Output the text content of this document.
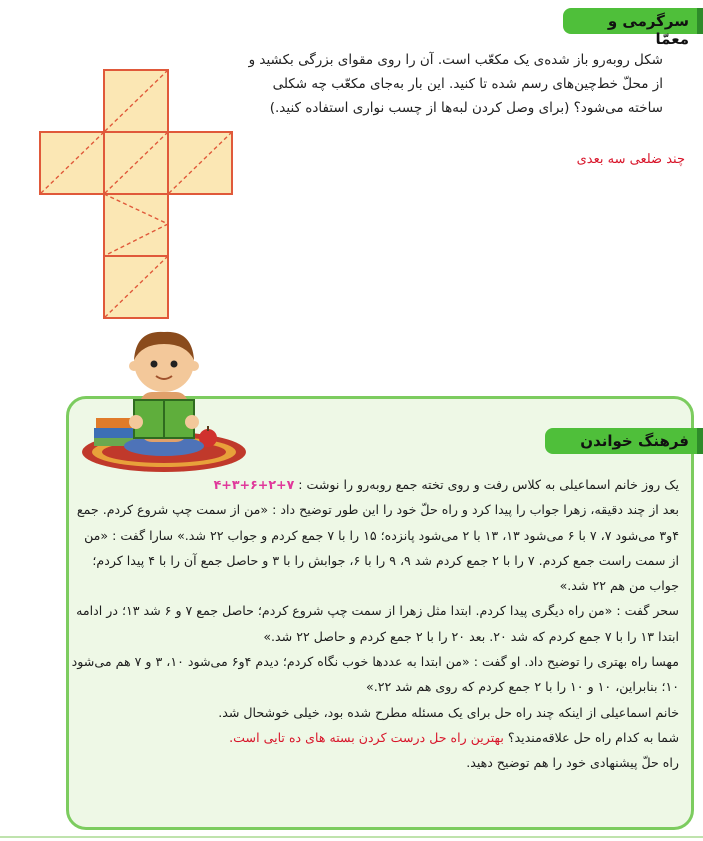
سرگرمی و معمّا
شکل روبه‌رو باز شده‌ی یک مکعّب است. آن را روی مقوای بزرگی بکشید و از محلّ خط‌چین‌های رسم شده تا کنید. این بار به‌جای مکعّب چه شکلی ساخته می‌شود؟ (برای وصل کردن لبه‌ها از چسب نواری استفاده کنید.)
چند ضلعی سه بعدی
فرهنگ خواندن

یک روز خانم اسماعیلی به کلاس رفت و روی تخته جمع روبه‌رو را نوشت : ۷+۲+۶+۳+۴

بعد از چند دقیقه، زهرا جواب را پیدا کرد و راه حلّ خود را این طور توضیح داد : «من از سمت چپ شروع کردم. جمع ۴و۳ می‌شود ۷، ۷ با ۶ می‌شود ۱۳، ۱۳ با ۲ می‌شود پانزده؛ ۱۵ را با ۷ جمع کردم و جواب ۲۲ شد.» سارا گفت : «من از سمت راست جمع کردم. ۷ را با ۲ جمع کردم شد ۹، ۹ را با ۶، جوابش را با ۳ و حاصل جمع آن را با ۴ پیدا کردم؛ جواب من هم ۲۲ شد.»

سحر گفت : «من راه دیگری پیدا کردم. ابتدا مثل زهرا از سمت چپ شروع کردم؛ حاصل جمع ۷ و ۶ شد ۱۳؛ در ادامه ابتدا ۱۳ را با ۷ جمع کردم که شد ۲۰. بعد ۲۰ را با ۲ جمع کردم و حاصل ۲۲ شد.»

مهسا راه بهتری را توضیح داد. او گفت : «من ابتدا به عددها خوب نگاه کردم؛ دیدم ۴و۶ می‌شود ۱۰، ۳ و ۷ هم می‌شود ۱۰؛ بنابراین، ۱۰ و ۱۰ را با ۲ جمع کردم که روی هم شد ۲۲.»

خانم اسماعیلی از اینکه چند راه حل برای یک مسئله مطرح شده بود، خیلی خوشحال شد.

شما به کدام راه حل علاقه‌مندید؟ بهترین راه حل درست کردن بسته های ده تایی است.

راه حلّ پیشنهادی خود را هم توضیح دهید.
